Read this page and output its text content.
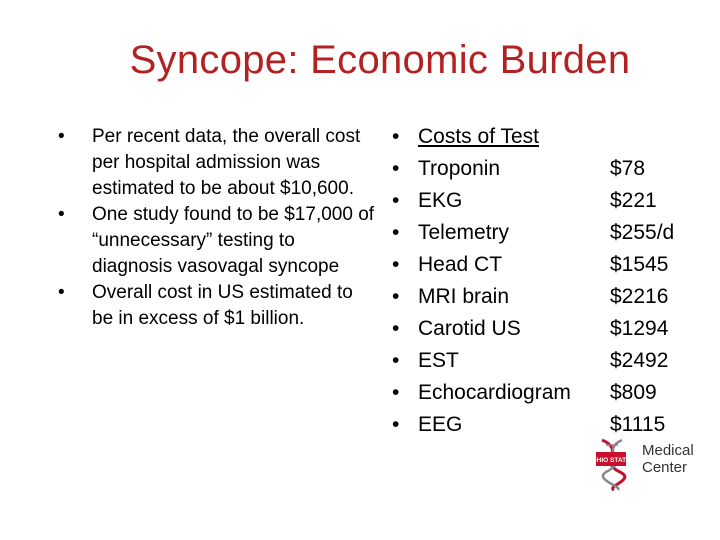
Syncope: Economic Burden
• Per recent data, the overall cost per hospital admission was estimated to be about $10,600.
• One study found to be $17,000 of “unnecessary” testing to diagnosis vasovagal syncope
• Overall cost in US estimated to be in excess of $1 billion.
• Costs of Test
• Troponin	$78
• EKG	$221
• Telemetry	$255/d
• Head CT	$1545
• MRI brain	$2216
• Carotid US	$1294
• EST	$2492
• Echocardiogram $809
• EEG	$1115
OHIO STATE
Medical
Center
